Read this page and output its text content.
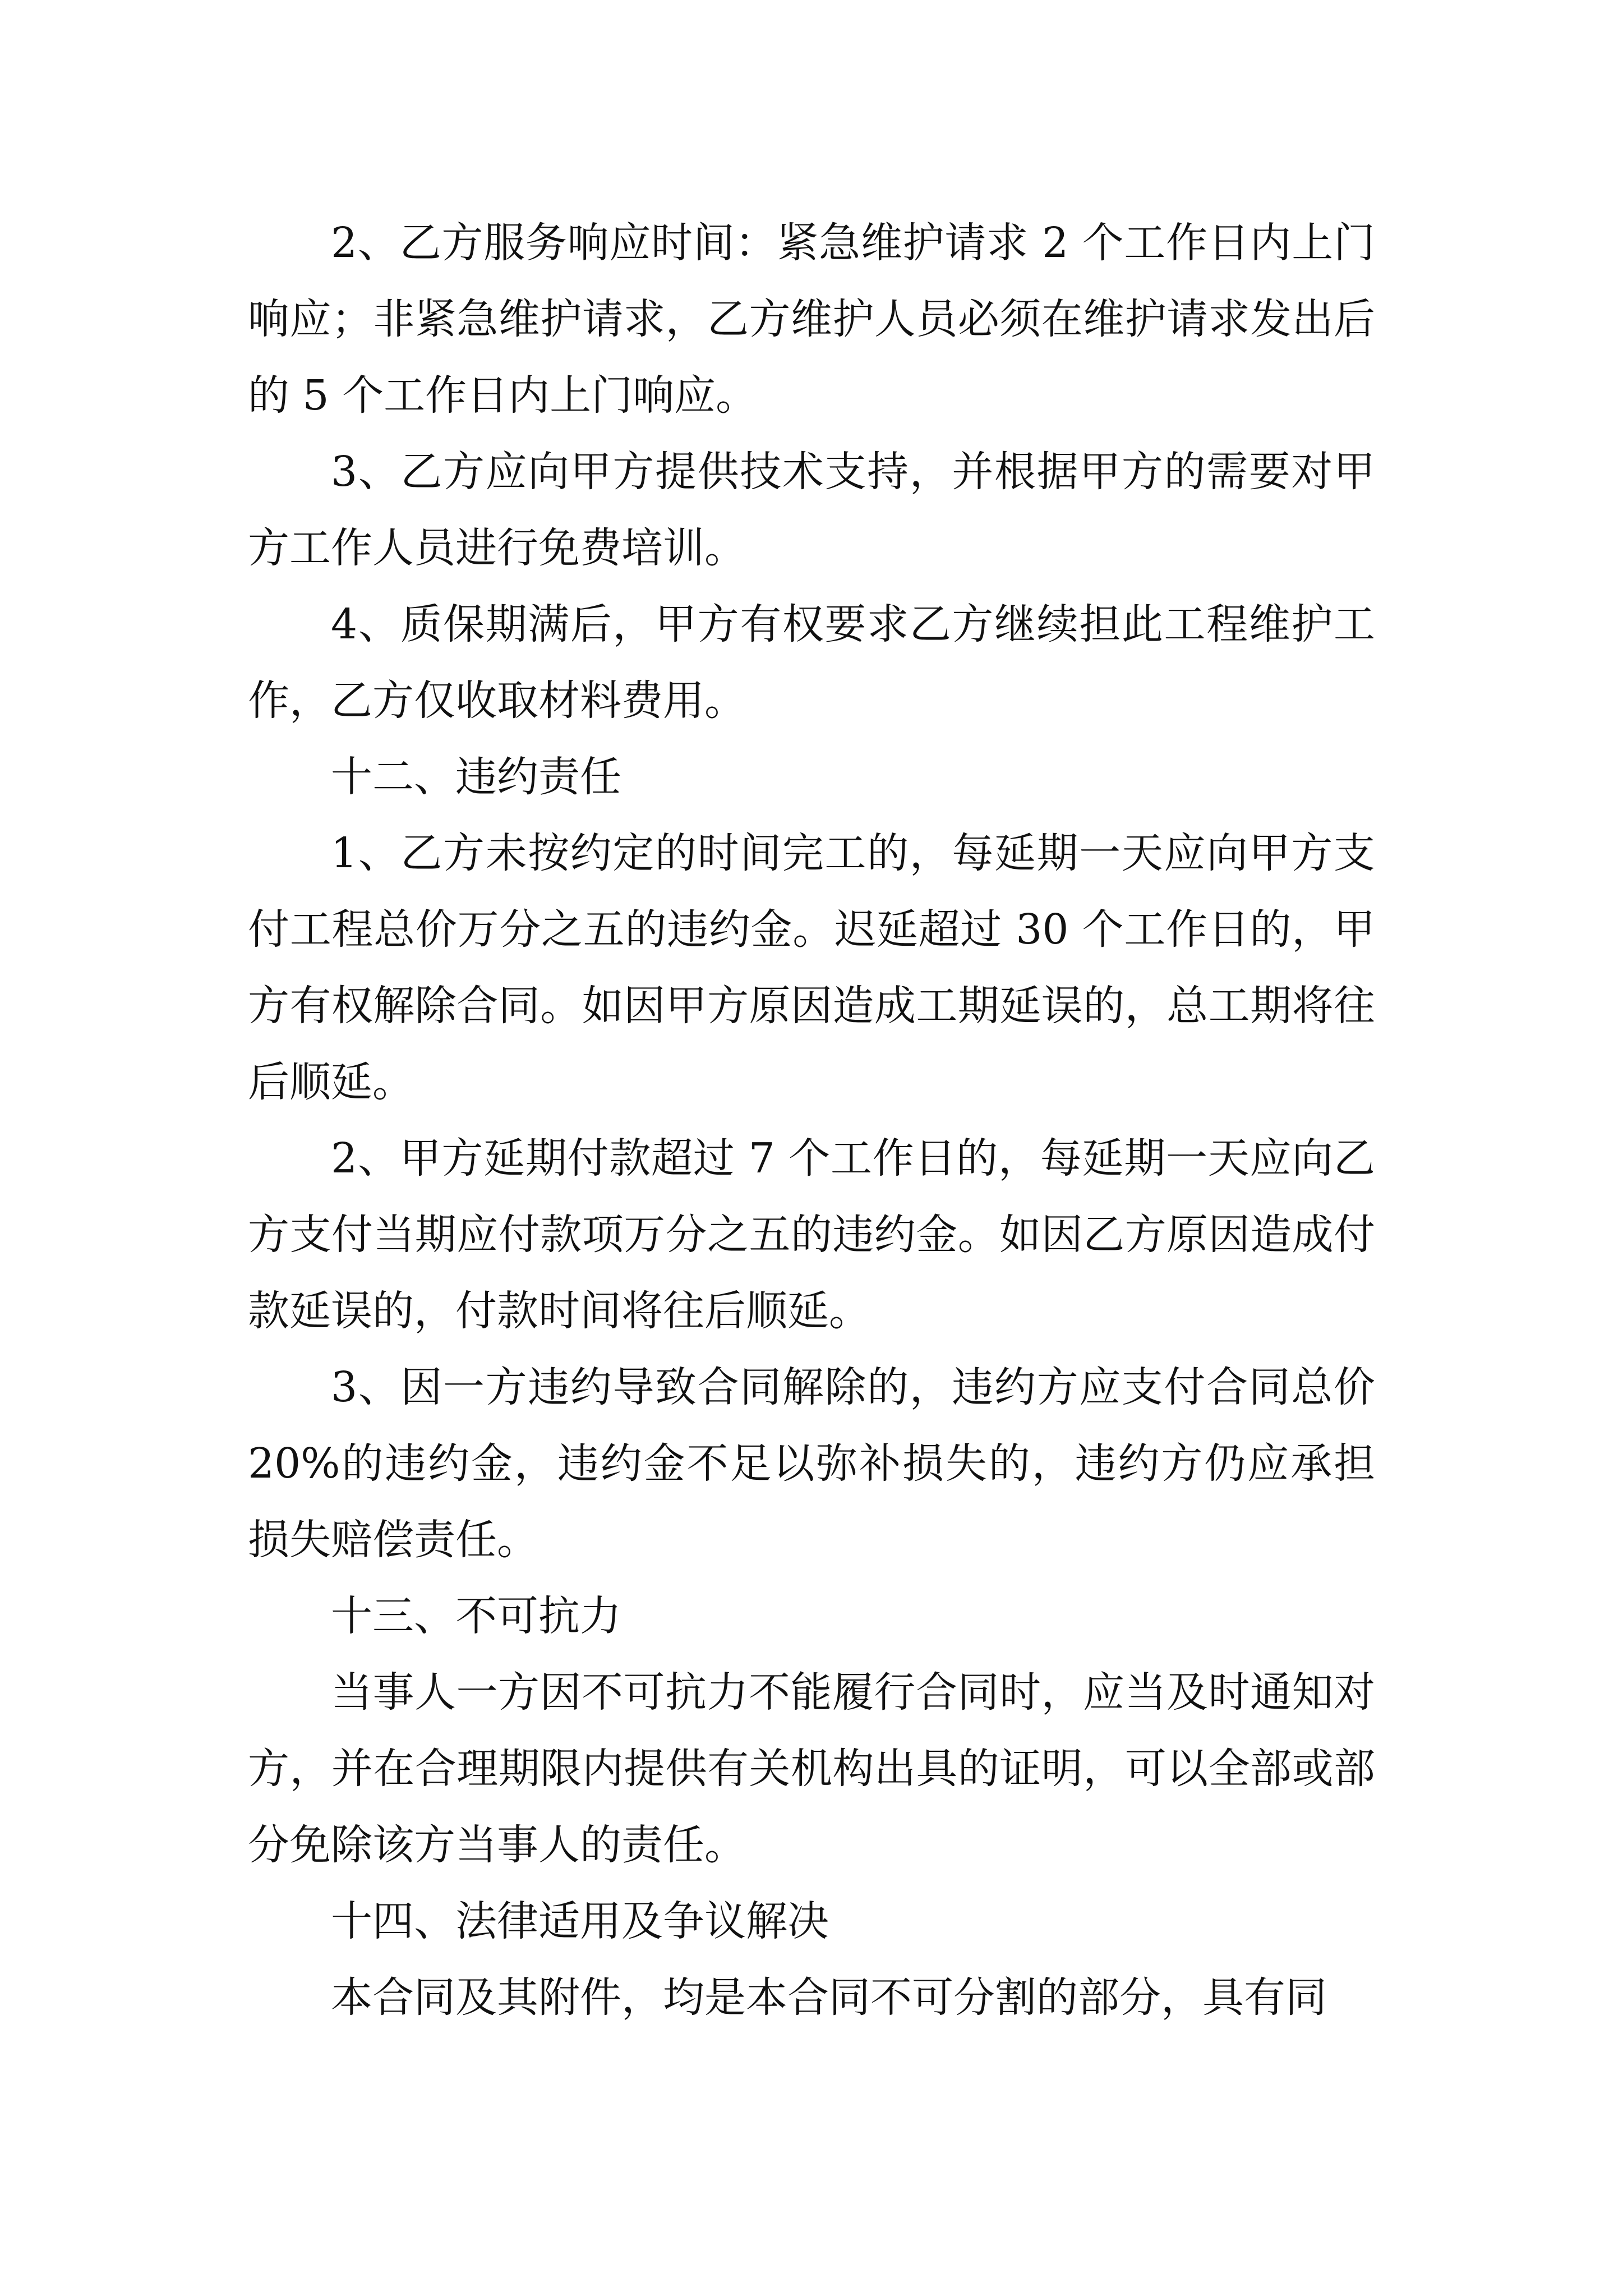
2、乙方服务响应时间：紧急维护请求 2 个工作日内上门响应；非紧急维护请求，乙方维护人员必须在维护请求发出后的 5 个工作日内上门响应。

3、乙方应向甲方提供技术支持，并根据甲方的需要对甲方工作人员进行免费培训。

4、质保期满后，甲方有权要求乙方继续担此工程维护工作，乙方仅收取材料费用。

十二、违约责任

1、乙方未按约定的时间完工的，每延期一天应向甲方支付工程总价万分之五的违约金。迟延超过 30 个工作日的，甲方有权解除合同。如因甲方原因造成工期延误的，总工期将往后顺延。

2、甲方延期付款超过 7 个工作日的，每延期一天应向乙方支付当期应付款项万分之五的违约金。如因乙方原因造成付款延误的，付款时间将往后顺延。

3、因一方违约导致合同解除的，违约方应支付合同总价 20%的违约金，违约金不足以弥补损失的，违约方仍应承担损失赔偿责任。

十三、不可抗力

当事人一方因不可抗力不能履行合同时，应当及时通知对方，并在合理期限内提供有关机构出具的证明，可以全部或部分免除该方当事人的责任。

十四、法律适用及争议解决

本合同及其附件，均是本合同不可分割的部分，具有同
